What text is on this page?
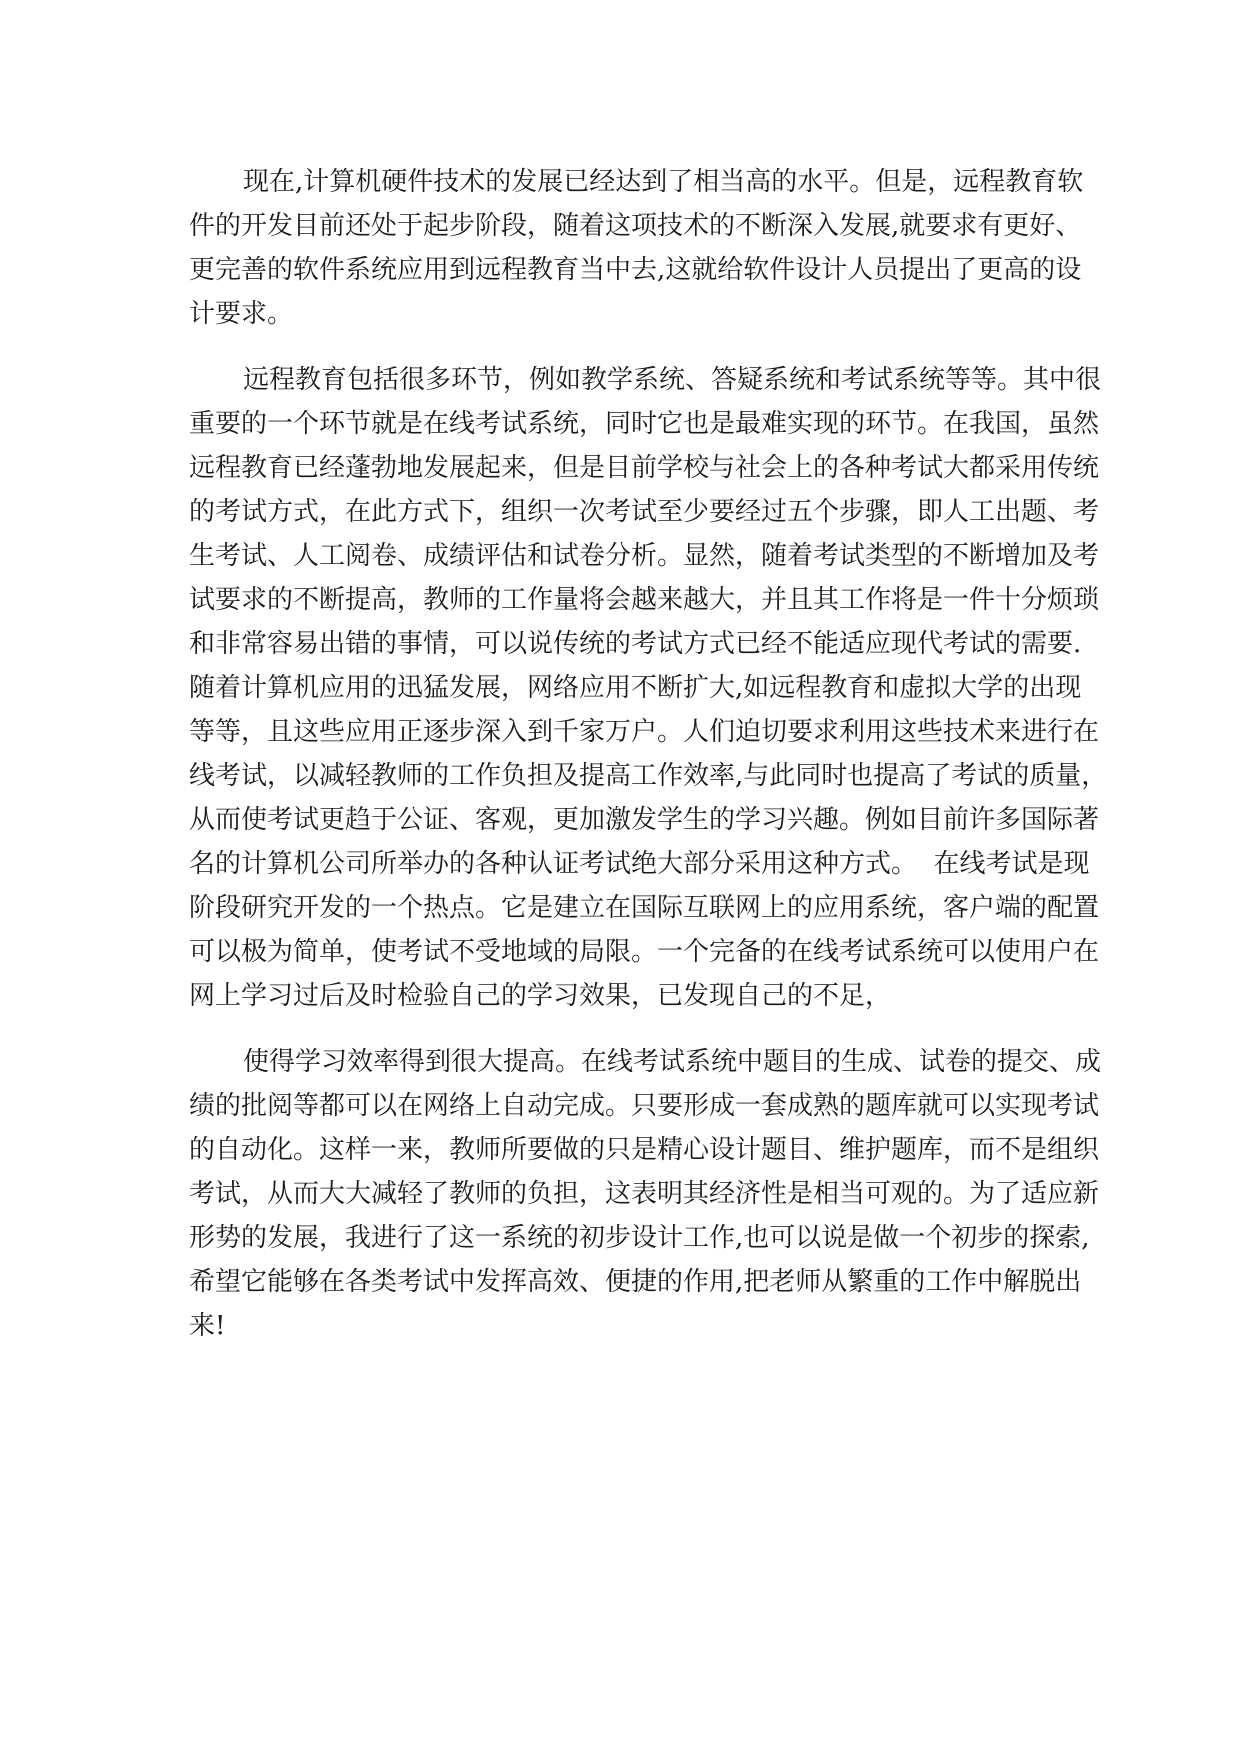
现在,计算机硬件技术的发展已经达到了相当高的水平。但是，远程教育软
件的开发目前还处于起步阶段，随着这项技术的不断深入发展,就要求有更好、
更完善的软件系统应用到远程教育当中去,这就给软件设计人员提出了更高的设
计要求。
远程教育包括很多环节，例如教学系统、答疑系统和考试系统等等。其中很
重要的一个环节就是在线考试系统，同时它也是最难实现的环节。在我国，虽然
远程教育已经蓬勃地发展起来，但是目前学校与社会上的各种考试大都采用传统
的考试方式，在此方式下，组织一次考试至少要经过五个步骤，即人工出题、考
生考试、人工阅卷、成绩评估和试卷分析。显然，随着考试类型的不断增加及考
试要求的不断提高，教师的工作量将会越来越大，并且其工作将是一件十分烦琐
和非常容易出错的事情，可以说传统的考试方式已经不能适应现代考试的需要.
随着计算机应用的迅猛发展，网络应用不断扩大,如远程教育和虚拟大学的出现
等等，且这些应用正逐步深入到千家万户。人们迫切要求利用这些技术来进行在
线考试，以减轻教师的工作负担及提高工作效率,与此同时也提高了考试的质量，
从而使考试更趋于公证、客观，更加激发学生的学习兴趣。例如目前许多国际著
名的计算机公司所举办的各种认证考试绝大部分采用这种方式。  在线考试是现
阶段研究开发的一个热点。它是建立在国际互联网上的应用系统，客户端的配置
可以极为简单，使考试不受地域的局限。一个完备的在线考试系统可以使用户在
网上学习过后及时检验自己的学习效果，已发现自己的不足，
使得学习效率得到很大提高。在线考试系统中题目的生成、试卷的提交、成
绩的批阅等都可以在网络上自动完成。只要形成一套成熟的题库就可以实现考试
的自动化。这样一来，教师所要做的只是精心设计题目、维护题库，而不是组织
考试，从而大大减轻了教师的负担，这表明其经济性是相当可观的。为了适应新
形势的发展，我进行了这一系统的初步设计工作,也可以说是做一个初步的探索,
希望它能够在各类考试中发挥高效、便捷的作用,把老师从繁重的工作中解脱出
来!
